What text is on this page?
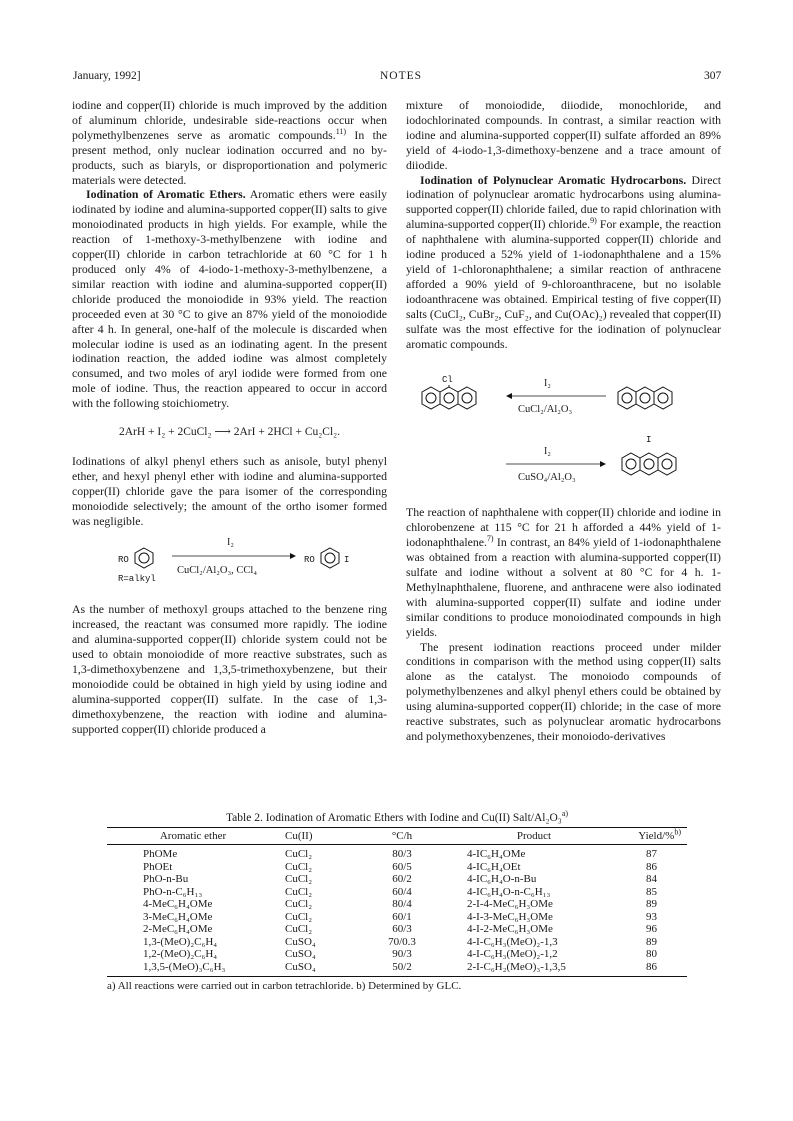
January, 1992]	NOTES	307

iodine and copper(II) chloride is much improved by the addition of aluminum chloride, undesirable side-reactions occur when polymethylbenzenes serve as aromatic compounds.$^{11)}$ In the present method, only nuclear iodination occurred and no by-products, such as biaryls, or disproportionation and polymeric materials were detected.

Iodination of Aromatic Ethers. Aromatic ethers were easily iodinated by iodine and alumina-supported copper(II) salts to give monoiodinated products in high yields. For example, while the reaction of 1-methoxy-3-methylbenzene with iodine and copper(II) chloride in carbon tetrachloride at 60 °C for 1 h produced only 4% of 4-iodo-1-methoxy-3-methylbenzene, a similar reaction with iodine and alumina-supported copper(II) chloride produced the monoiodide in 93% yield. The reaction proceeded even at 30 °C to give an 87% yield of the monoiodide after 4 h. In general, one-half of the molecule is discarded when molecular iodine is used as an iodinating agent. In the present iodination reaction, the added iodine was almost completely consumed, and two moles of aryl iodide were formed from one mole of iodine. Thus, the reaction appeared to occur in accord with the following stoichiometry.

2ArH + I₂ + 2CuCl₂ ⟶ 2ArI + 2HCl + Cu₂Cl₂.

Iodinations of alkyl phenyl ethers such as anisole, butyl phenyl ether, and hexyl phenyl ether with iodine and alumina-supported copper(II) chloride gave the para isomer of the corresponding monoiodide selectively; the amount of the ortho isomer formed was negligible.

RO
R=alkyl
I₂
CuCl₂/Al₂O₃, CCl₄
RO	I

As the number of methoxyl groups attached to the benzene ring increased, the reactant was consumed more rapidly. The iodine and alumina-supported copper(II) chloride system could not be used to obtain monoiodide of more reactive substrates, such as 1,3-dimethoxybenzene and 1,3,5-trimethoxybenzene, but their monoiodide could be obtained in high yield by using iodine and alumina-supported copper(II) sulfate. In the case of 1,3-dimethoxybenzene, the reaction with iodine and alumina-supported copper(II) chloride produced a

mixture of monoiodide, diiodide, monochloride, and iodochlorinated compounds. In contrast, a similar reaction with iodine and alumina-supported copper(II) sulfate afforded an 89% yield of 4-iodo-1,3-dimethoxy-benzene and a trace amount of diiodide.

Iodination of Polynuclear Aromatic Hydrocarbons. Direct iodination of polynuclear aromatic hydrocarbons using alumina-supported copper(II) chloride failed, due to rapid chlorination with alumina-supported copper(II) chloride.$^{9)}$ For example, the reaction of naphthalene with alumina-supported copper(II) chloride and iodine produced a 52% yield of 1-iodonaphthalene and a 15% yield of 1-chloronaphthalene; a similar reaction of anthracene afforded a 90% yield of 9-chloroanthracene, but no isolable iodoanthracene was obtained. Empirical testing of five copper(II) salts (CuCl₂, CuBr₂, CuF₂, and Cu(OAc)₂) revealed that copper(II) sulfate was the most effective for the iodination of polynuclear aromatic compounds.

Cl	I₂
CuCl₂/Al₂O₃
I₂
CuSO₄/Al₂O₃
I

The reaction of naphthalene with copper(II) chloride and iodine in chlorobenzene at 115 °C for 21 h afforded a 44% yield of 1-iodonaphthalene.$^{7)}$ In contrast, an 84% yield of 1-iodonaphthalene was obtained from a reaction with alumina-supported copper(II) sulfate and iodine without a solvent at 80 °C for 4 h. 1-Methylnaphthalene, fluorene, and anthracene were also iodinated with alumina-supported copper(II) sulfate and iodine under similar conditions to produce monoiodinated compounds in high yields.

The present iodination reactions proceed under milder conditions in comparison with the method using copper(II) salts alone as the catalyst. The monoiodo compounds of polymethylbenzenes and alkyl phenyl ethers could be obtained by using alumina-supported copper(II) chloride; in the case of more reactive substrates, such as polynuclear aromatic hydrocarbons and polymethoxybenzenes, their monoiodo-derivatives

Table 2. Iodination of Aromatic Ethers with Iodine and Cu(II) Salt/Al₂O₃$^{a)}$
Aromatic ether	Cu(II)	°C/h	Product	Yield/%$^{b)}$
PhOMe	CuCl₂	80/3	4-IC₆H₄OMe	87
PhOEt	CuCl₂	60/5	4-IC₆H₄OEt	86
PhO-n-Bu	CuCl₂	60/2	4-IC₆H₄O-n-Bu	84
PhO-n-C₆H₁₃	CuCl₂	60/4	4-IC₆H₄O-n-C₆H₁₃	85
4-MeC₆H₄OMe	CuCl₂	80/4	2-I-4-MeC₆H₃OMe	89
3-MeC₆H₄OMe	CuCl₂	60/1	4-I-3-MeC₆H₃OMe	93
2-MeC₆H₄OMe	CuCl₂	60/3	4-I-2-MeC₆H₃OMe	96
1,3-(MeO)₂C₆H₄	CuSO₄	70/0.3	4-I-C₆H₃(MeO)₂-1,3	89
1,2-(MeO)₂C₆H₄	CuSO₄	90/3	4-I-C₆H₃(MeO)₂-1,2	80
1,3,5-(MeO)₃C₆H₃	CuSO₄	50/2	2-I-C₆H₂(MeO)₃-1,3,5	86
a) All reactions were carried out in carbon tetrachloride. b) Determined by GLC.
